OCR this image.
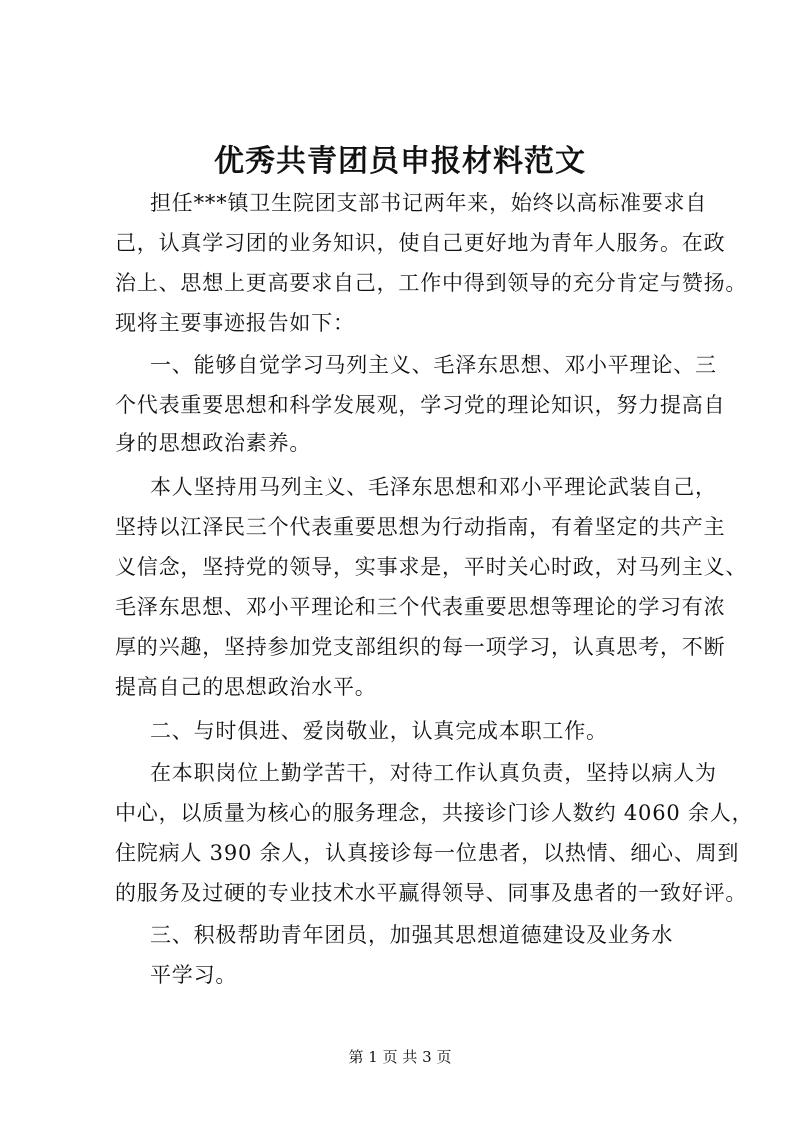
优秀共青团员申报材料范文
担任***镇卫生院团支部书记两年来，始终以高标准要求自
己，认真学习团的业务知识，使自己更好地为青年人服务。在政
治上、思想上更高要求自己，工作中得到领导的充分肯定与赞扬。
现将主要事迹报告如下：
一、能够自觉学习马列主义、毛泽东思想、邓小平理论、三
个代表重要思想和科学发展观，学习党的理论知识，努力提高自
身的思想政治素养。
本人坚持用马列主义、毛泽东思想和邓小平理论武装自己，
坚持以江泽民三个代表重要思想为行动指南，有着坚定的共产主
义信念，坚持党的领导，实事求是，平时关心时政，对马列主义、
毛泽东思想、邓小平理论和三个代表重要思想等理论的学习有浓
厚的兴趣，坚持参加党支部组织的每一项学习，认真思考，不断
提高自己的思想政治水平。
二、与时俱进、爱岗敬业，认真完成本职工作。
在本职岗位上勤学苦干，对待工作认真负责，坚持以病人为
中心，以质量为核心的服务理念，共接诊门诊人数约 4060 余人，
住院病人 390 余人，认真接诊每一位患者，以热情、细心、周到
的服务及过硬的专业技术水平赢得领导、同事及患者的一致好评。
三、积极帮助青年团员，加强其思想道德建设及业务水
平学习。
第 1 页 共 3 页
